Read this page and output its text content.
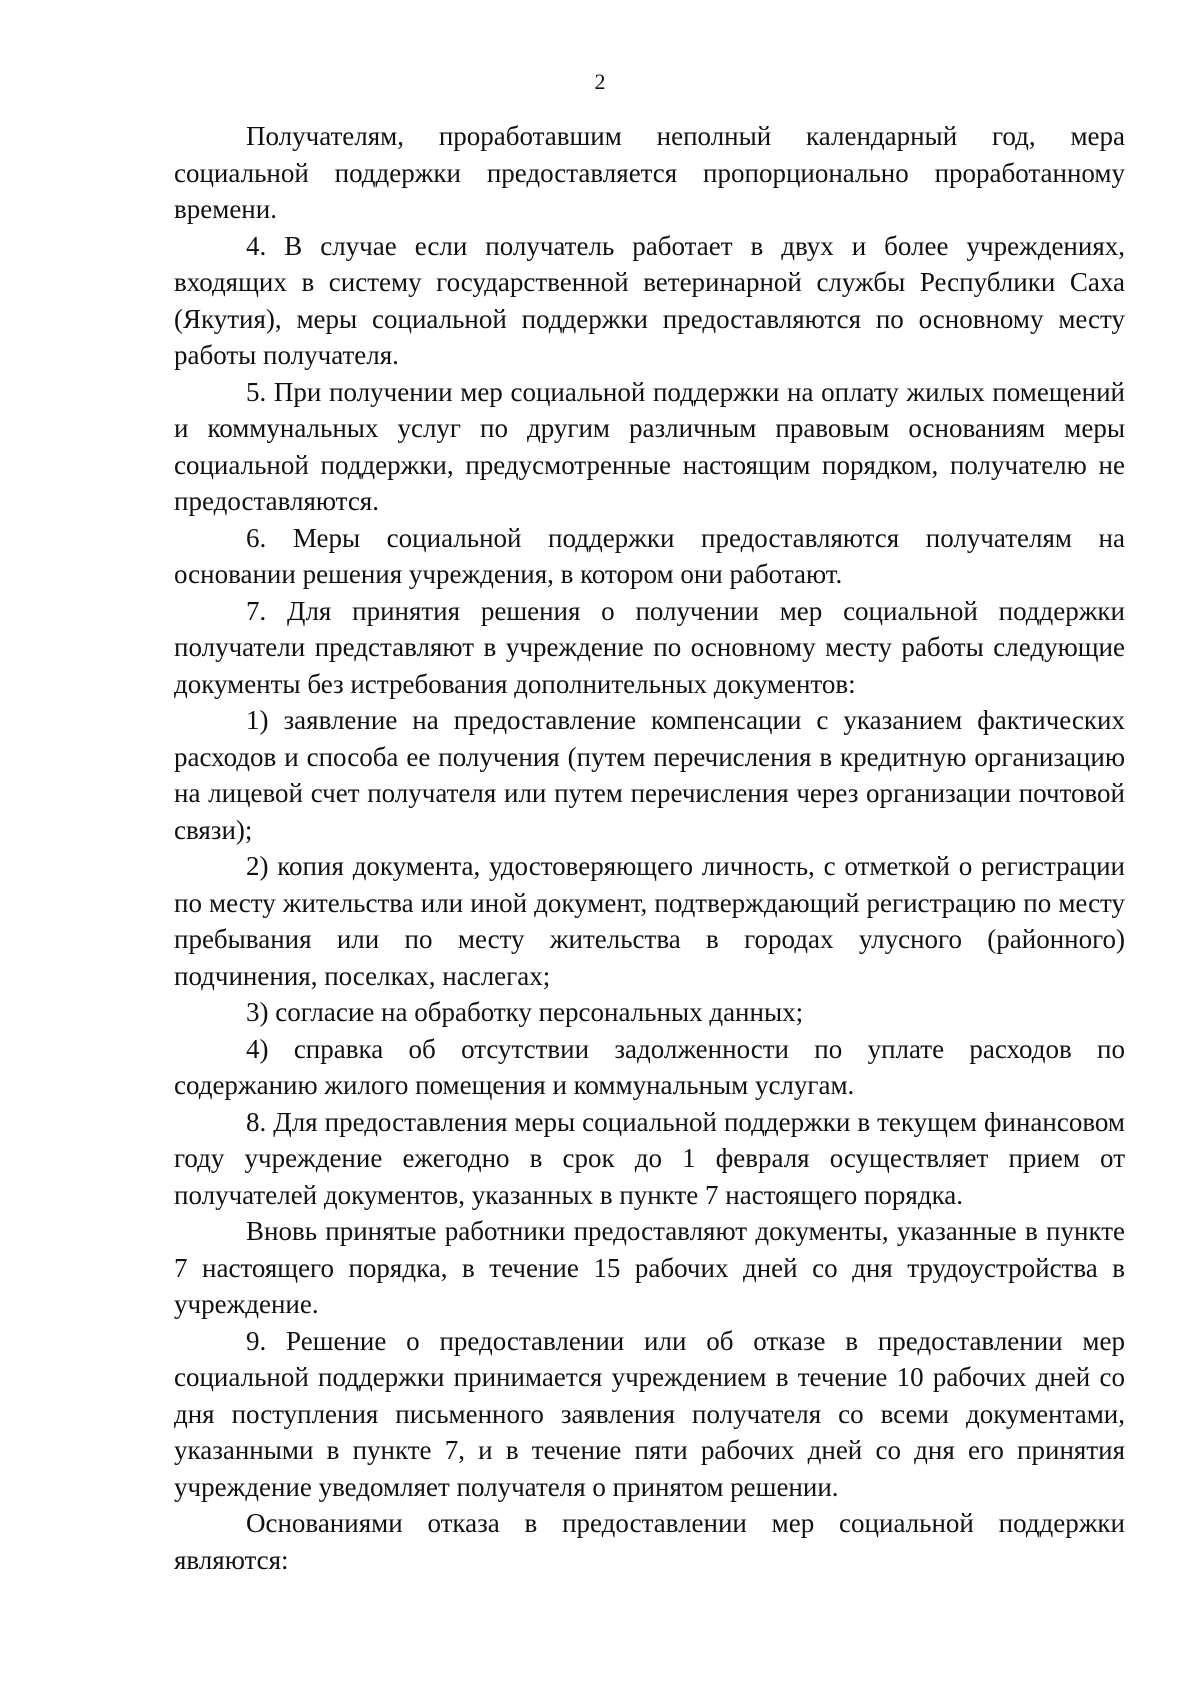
2

Получателям, проработавшим неполный календарный год, мера социальной поддержки предоставляется пропорционально проработанному времени.

4. В случае если получатель работает в двух и более учреждениях, входящих в систему государственной ветеринарной службы Республики Саха (Якутия), меры социальной поддержки предоставляются по основному месту работы получателя.

5. При получении мер социальной поддержки на оплату жилых помещений и коммунальных услуг по другим различным правовым основаниям меры социальной поддержки, предусмотренные настоящим порядком, получателю не предоставляются.

6. Меры социальной поддержки предоставляются получателям на основании решения учреждения, в котором они работают.

7. Для принятия решения о получении мер социальной поддержки получатели представляют в учреждение по основному месту работы следующие документы без истребования дополнительных документов:

1) заявление на предоставление компенсации с указанием фактических расходов и способа ее получения (путем перечисления в кредитную организацию на лицевой счет получателя или путем перечисления через организации почтовой связи);

2) копия документа, удостоверяющего личность, с отметкой о регистрации по месту жительства или иной документ, подтверждающий регистрацию по месту пребывания или по месту жительства в городах улусного (районного) подчинения, поселках, наслегах;

3) согласие на обработку персональных данных;

4) справка об отсутствии задолженности по уплате расходов по содержанию жилого помещения и коммунальным услугам.

8. Для предоставления меры социальной поддержки в текущем финансовом году учреждение ежегодно в срок до 1 февраля осуществляет прием от получателей документов, указанных в пункте 7 настоящего порядка.

Вновь принятые работники предоставляют документы, указанные в пункте 7 настоящего порядка, в течение 15 рабочих дней со дня трудоустройства в учреждение.

9. Решение о предоставлении или об отказе в предоставлении мер социальной поддержки принимается учреждением в течение 10 рабочих дней со дня поступления письменного заявления получателя со всеми документами, указанными в пункте 7, и в течение пяти рабочих дней со дня его принятия учреждение уведомляет получателя о принятом решении.

Основаниями отказа в предоставлении мер социальной поддержки являются:
